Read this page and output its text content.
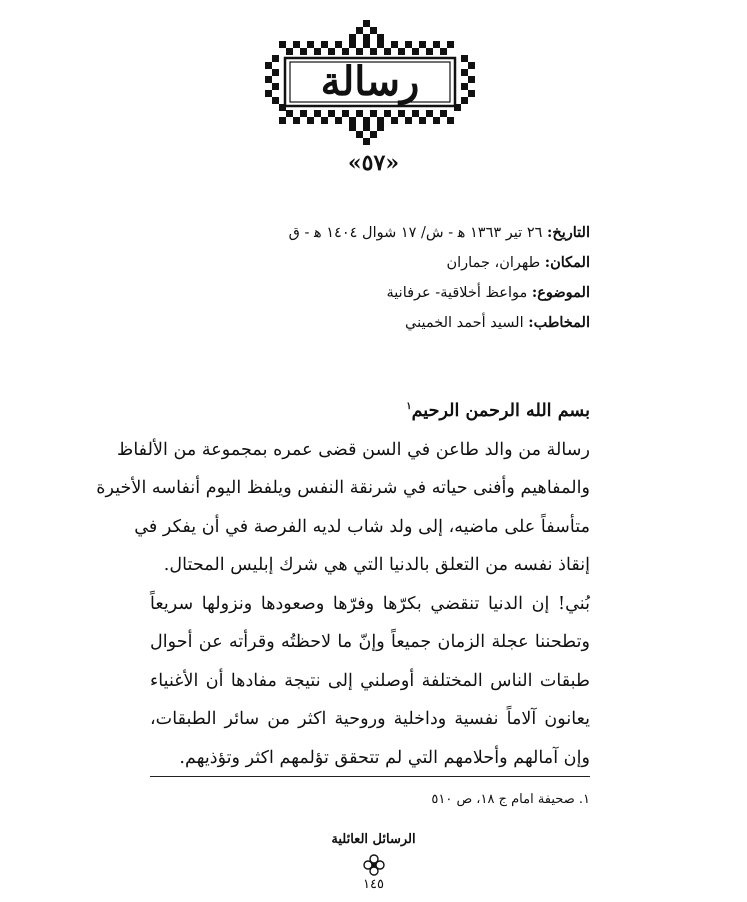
رسالة
«٥٧»
التاريخ: ٢٦ تير ١٣٦٣ ه‍ - ش/ ١٧ شوال ١٤٠٤ ه‍ - ق
المكان: طهران، جماران
الموضوع: مواعظ أخلاقية- عرفانية
المخاطب: السيد أحمد الخميني
بسم الله الرحمن الرحيم$^١$
رسالة من والد طاعن في السن قضى عمره بمجموعة من الألفاظ
والمفاهيم وأفنى حياته في شرنقة النفس ويلفظ اليوم أنفاسه الأخيرة
متأسفاً على ماضيه، إلى ولد شاب لديه الفرصة في أن يفكر في
إنقاذ نفسه من التعلق بالدنيا التي هي شرك إبليس المحتال.
بُني! إن الدنيا تنقضي بكرّها وفرّها وصعودها ونزولها سريعاً
وتطحننا عجلة الزمان جميعاً وإنّ ما لاحظتُه وقرأته عن أحوال
طبقات الناس المختلفة أوصلني إلى نتيجة مفادها أن الأغنياء
يعانون آلاماً نفسية وداخلية وروحية اكثر من سائر الطبقات،
وإن آمالهم وأحلامهم التي لم تتحقق تؤلمهم اكثر وتؤذيهم.
١. صحيفة امام ج ١٨، ص ٥١٠
الرسائل العائلية
١٤٥
